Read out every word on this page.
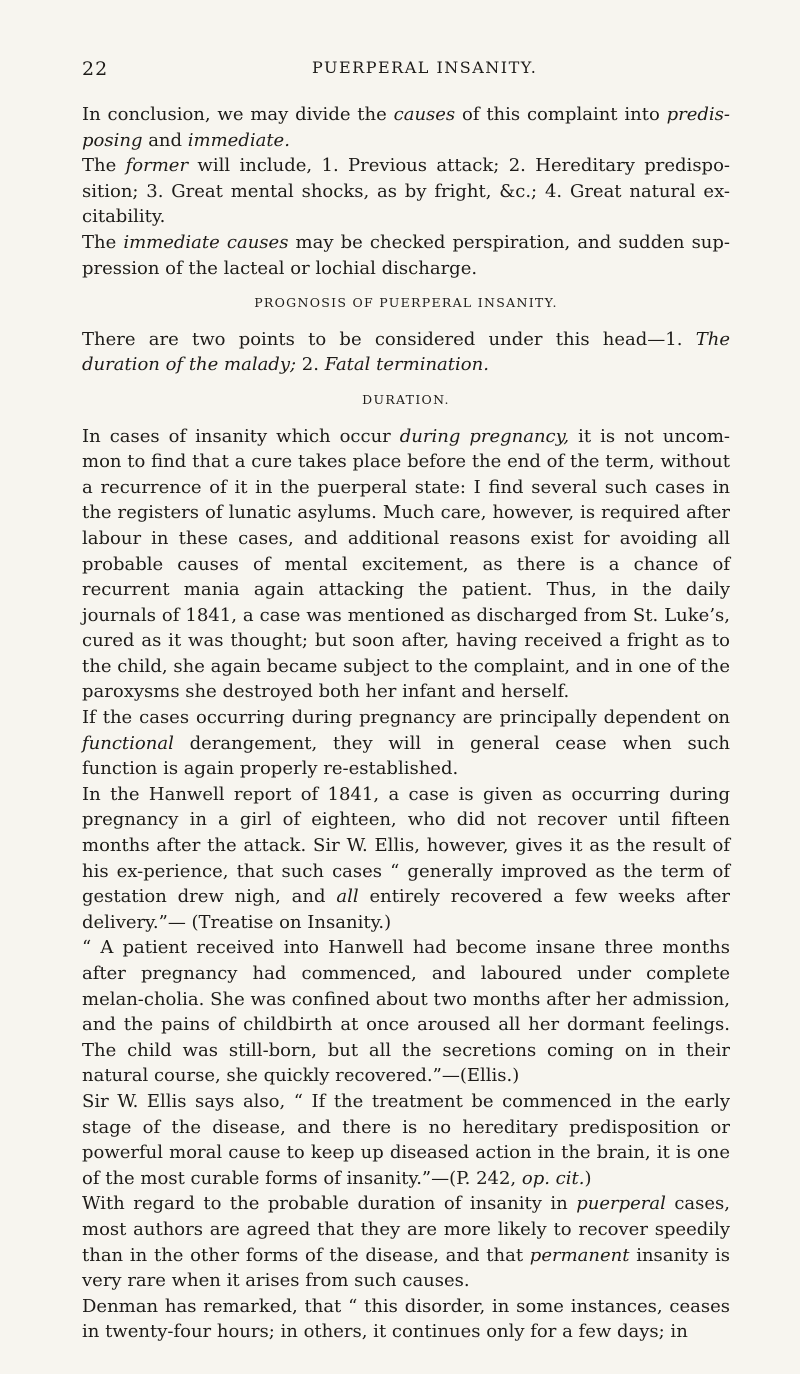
22	PUERPERAL INSANITY.

In conclusion, we may divide the causes of this complaint into predis-posing and immediate.

The former will include, 1. Previous attack; 2. Hereditary predispo-sition; 3. Great mental shocks, as by fright, &c.; 4. Great natural ex-citability.

The immediate causes may be checked perspiration, and sudden sup-pression of the lacteal or lochial discharge.

PROGNOSIS OF PUERPERAL INSANITY.

There are two points to be considered under this head—1. The duration of the malady; 2. Fatal termination.

DURATION.

In cases of insanity which occur during pregnancy, it is not uncom-mon to find that a cure takes place before the end of the term, without a recurrence of it in the puerperal state: I find several such cases in the registers of lunatic asylums. Much care, however, is required after labour in these cases, and additional reasons exist for avoiding all probable causes of mental excitement, as there is a chance of recurrent mania again attacking the patient. Thus, in the daily journals of 1841, a case was mentioned as discharged from St. Luke’s, cured as it was thought; but soon after, having received a fright as to the child, she again became subject to the complaint, and in one of the paroxysms she destroyed both her infant and herself.

If the cases occurring during pregnancy are principally dependent on functional derangement, they will in general cease when such function is again properly re-established.

In the Hanwell report of 1841, a case is given as occurring during pregnancy in a girl of eighteen, who did not recover until fifteen months after the attack. Sir W. Ellis, however, gives it as the result of his ex-perience, that such cases “ generally improved as the term of gestation drew nigh, and all entirely recovered a few weeks after delivery.”— (Treatise on Insanity.)

“ A patient received into Hanwell had become insane three months after pregnancy had commenced, and laboured under complete melan-cholia. She was confined about two months after her admission, and the pains of childbirth at once aroused all her dormant feelings. The child was still-born, but all the secretions coming on in their natural course, she quickly recovered.”—(Ellis.)

Sir W. Ellis says also, “ If the treatment be commenced in the early stage of the disease, and there is no hereditary predisposition or powerful moral cause to keep up diseased action in the brain, it is one of the most curable forms of insanity.”—(P. 242, op. cit.)

With regard to the probable duration of insanity in puerperal cases, most authors are agreed that they are more likely to recover speedily than in the other forms of the disease, and that permanent insanity is very rare when it arises from such causes.

Denman has remarked, that “ this disorder, in some instances, ceases in twenty-four hours; in others, it continues only for a few days; in
